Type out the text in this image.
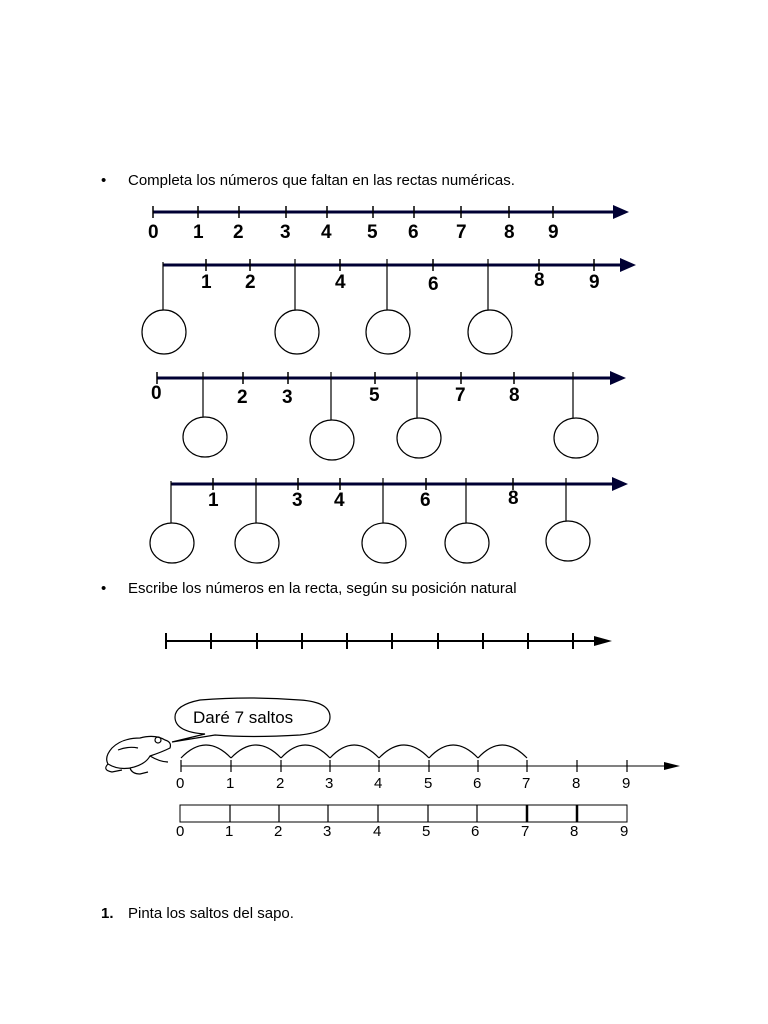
• Completa los números que faltan en las rectas numéricas.
• Escribe los números en la recta, según su posición natural
1. Pinta los saltos del sapo.
0 1 2 3 4 5 6 7 8 9
1 2	4	6	8 9
0	2 3	5	7 8
1	3 4	6	8
Daré 7 saltos
0	1	2	3	4	5	6	7	8	9
0	1	2	3	4	5	6	7	8	9
